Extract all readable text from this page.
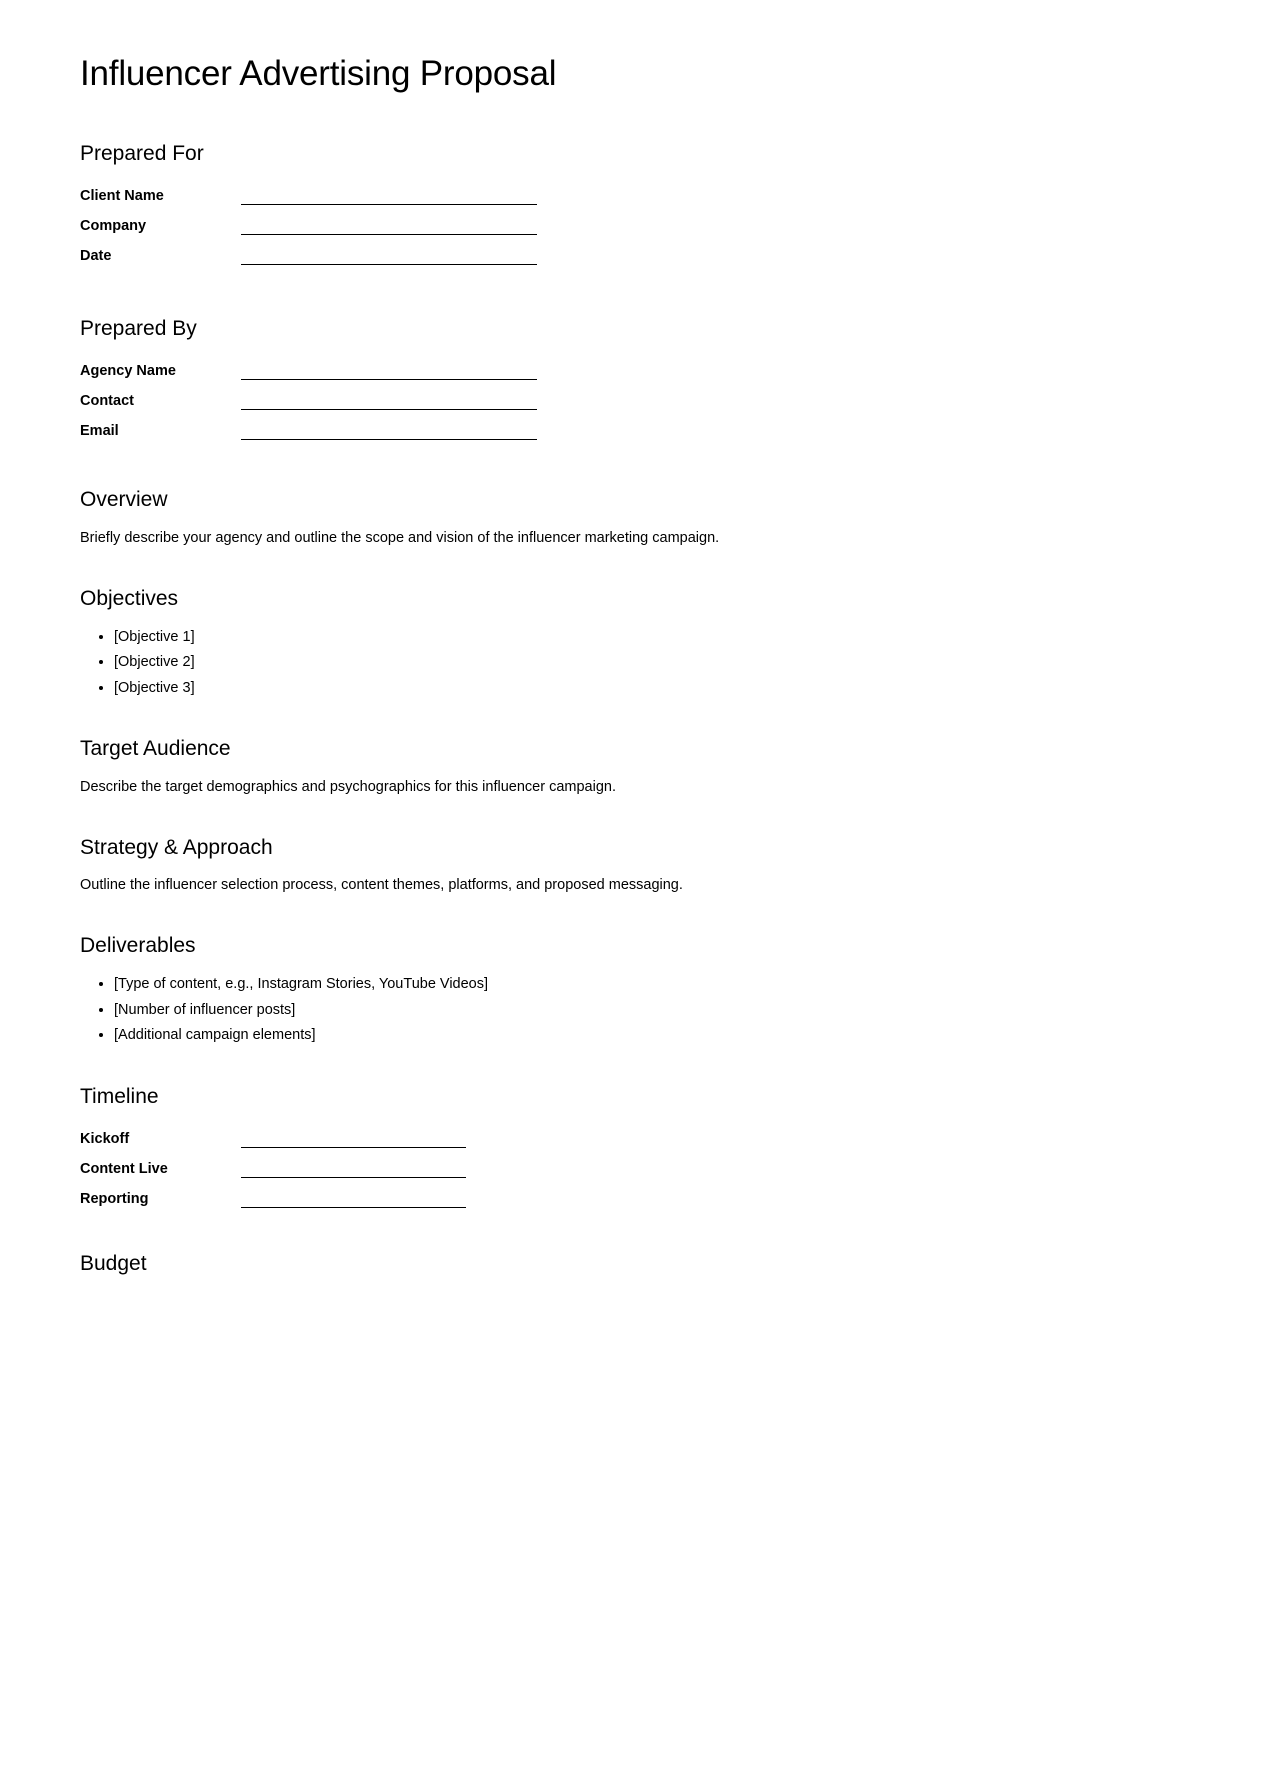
Influencer Advertising Proposal
Prepared For
Client Name	

Company	

Date	
Prepared By
Agency Name	

Contact	

Email	
Overview

Briefly describe your agency and outline the scope and vision of the influencer marketing campaign.

Objectives
• [Objective 1]
• [Objective 2]
• [Objective 3]
Target Audience

Describe the target demographics and psychographics for this influencer campaign.

Strategy & Approach

Outline the influencer selection process, content themes, platforms, and proposed messaging.

Deliverables
• [Type of content, e.g., Instagram Stories, YouTube Videos]
• [Number of influencer posts]
• [Additional campaign elements]
Timeline
Kickoff	

Content Live	

Reporting	
Budget
